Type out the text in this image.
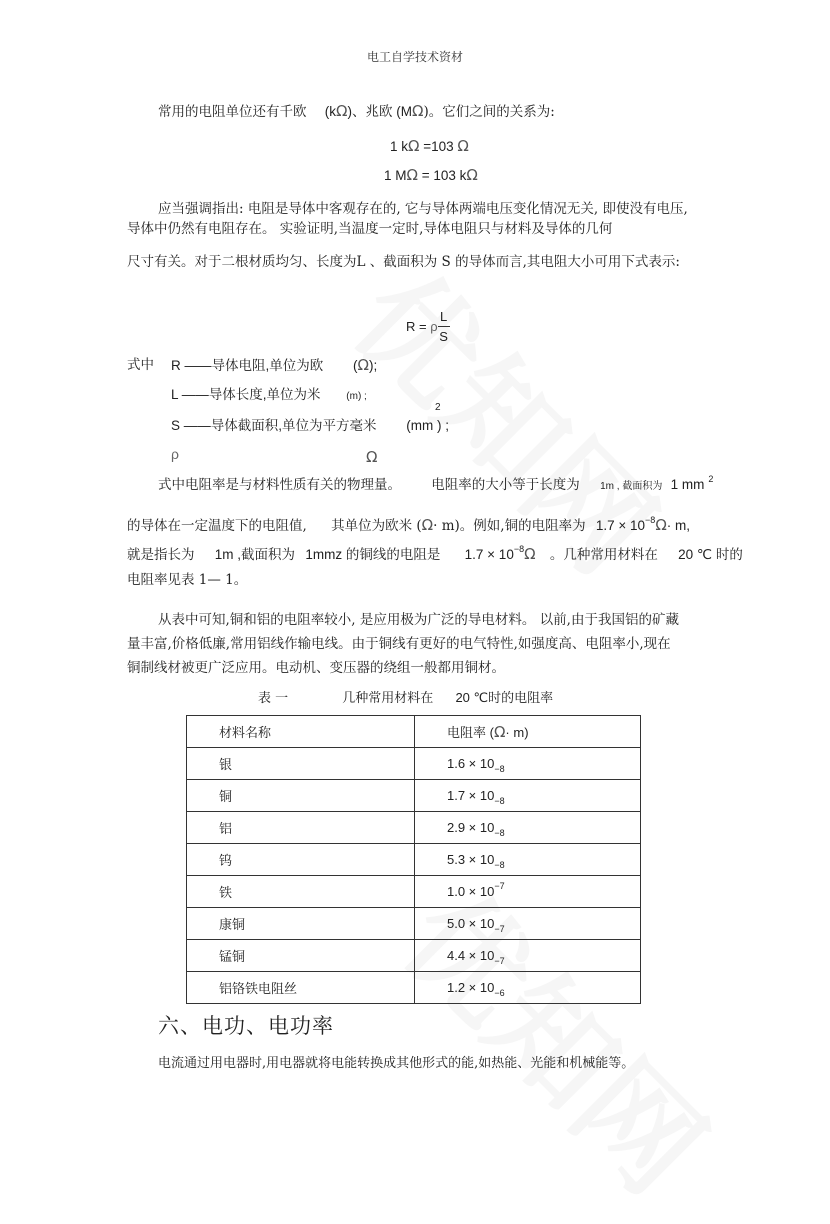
电工自学技术资材
常用的电阻单位还有千欧 (kΩ)、兆欧 (MΩ)。它们之间的关系为:
1 kΩ =103 Ω
1 MΩ = 103 kΩ
应当强调指出: 电阻是导体中客观存在的, 它与导体两端电压变化情况无关, 即使没有电压,
导体中仍然有电阻存在。 实验证明,当温度一定时,导体电阻只与材料及导体的几何
尺寸有关。对于二根材质均匀、长度为L 、截面积为 S 的导体而言,其电阻大小可用下式表示:
R = ρ $\frac{L}{S}$
式中 R ——导体电阻,单位为欧 (Ω);
L ——导体长度,单位为米	(m) ;
2
S ——导体截面积,单位为平方毫米 (mm ) ;
ρ	Ω
式中电阻率是与材料性质有关的物理量。 电阻率的大小等于长度为 1m , 截面积为 1 mm $^2$
的导体在一定温度下的电阻值, 其单位为欧米 (Ω· m)。例如,铜的电阻率为 $1.7 \times 10^{-8}\Omega\cdot m$,
就是指长为 1m ,截面积为 1mmz 的铜线的电阻是 $1.7 \times 10^{-8}\Omega$ 。几种常用材料在 20 ℃ 时的
电阻率见表 1— 1。
从表中可知,铜和铝的电阻率较小, 是应用极为广泛的导电材料。 以前,由于我国铝的矿藏
量丰富,价格低廉,常用铝线作输电线。由于铜线有更好的电气特性,如强度高、电阻率小,现在
铜制线材被更广泛应用。电动机、变压器的绕组一般都用铜材。
表 一	几种常用材料在 20 ℃时的电阻率
材料名称	电阻率 (Ω· m)
银	$1.6 \times 10_{-8}$
铜	$1.7 \times 10_{-8}$
铝	$2.9 \times 10_{-8}$
钨	$5.3 \times 10_{-8}$
铁	$1.0 \times 10^{-7}$
康铜	$5.0 \times 10_{-7}$
锰铜	$4.4 \times 10_{-7}$
铝铬铁电阻丝	$1.2 \times 10_{-6}$
六、电功、电功率
电流通过用电器时,用电器就将电能转换成其他形式的能,如热能、光能和机械能等。
